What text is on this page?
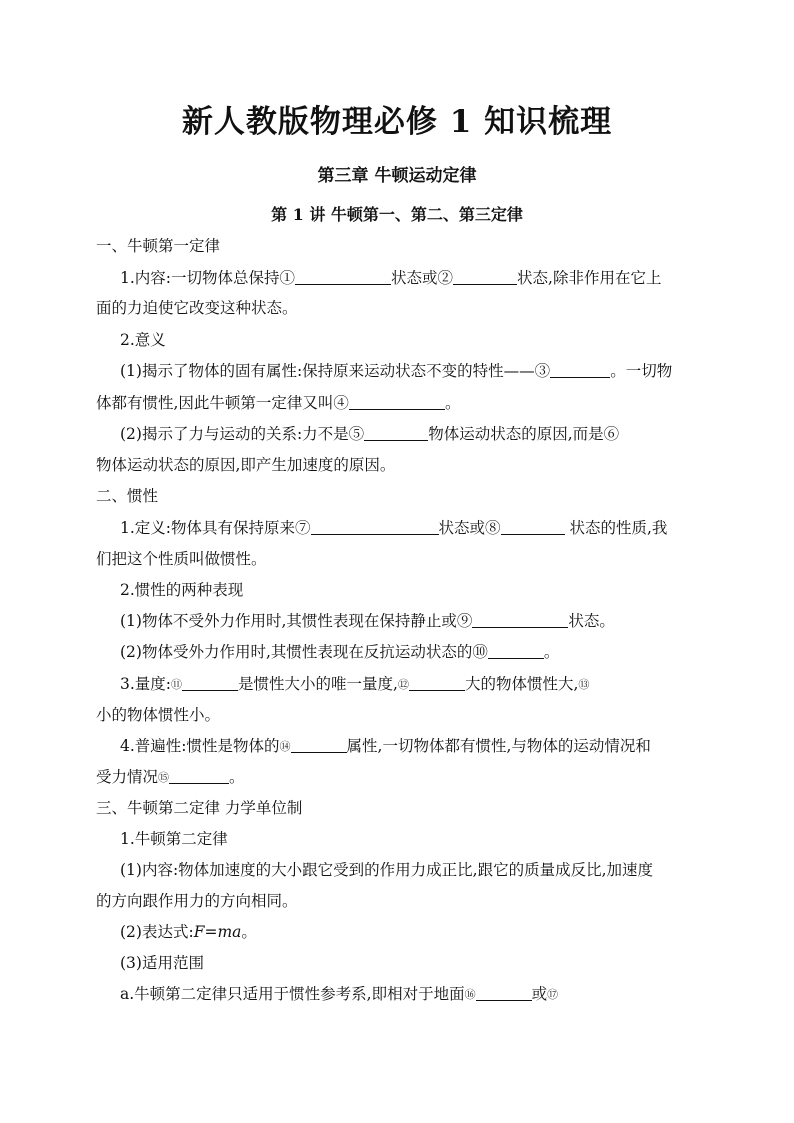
新人教版物理必修 1 知识梳理
第三章 牛顿运动定律
第 1 讲 牛顿第一、第二、第三定律
一、牛顿第一定律
1.内容:一切物体总保持①	状态或②	状态,除非作用在它上
面的力迫使它改变这种状态。
2.意义
(1)揭示了物体的固有属性:保持原来运动状态不变的特性——③	。一切物
体都有惯性,因此牛顿第一定律又叫④	。
(2)揭示了力与运动的关系:力不是⑤	物体运动状态的原因,而是⑥
物体运动状态的原因,即产生加速度的原因。
二、惯性
1.定义:物体具有保持原来⑦	状态或⑧	状态的性质,我
们把这个性质叫做惯性。
2.惯性的两种表现
(1)物体不受外力作用时,其惯性表现在保持静止或⑨	状态。
(2)物体受外力作用时,其惯性表现在反抗运动状态的⑩	。
3.量度:⑪	是惯性大小的唯一量度,⑫	大的物体惯性大,⑬
小的物体惯性小。
4.普遍性:惯性是物体的⑭	属性,一切物体都有惯性,与物体的运动情况和
受力情况⑮	。
三、牛顿第二定律 力学单位制
1.牛顿第二定律
(1)内容:物体加速度的大小跟它受到的作用力成正比,跟它的质量成反比,加速度
的方向跟作用力的方向相同。
(2)表达式:F=ma。
(3)适用范围
a.牛顿第二定律只适用于惯性参考系,即相对于地面⑯	或⑰
